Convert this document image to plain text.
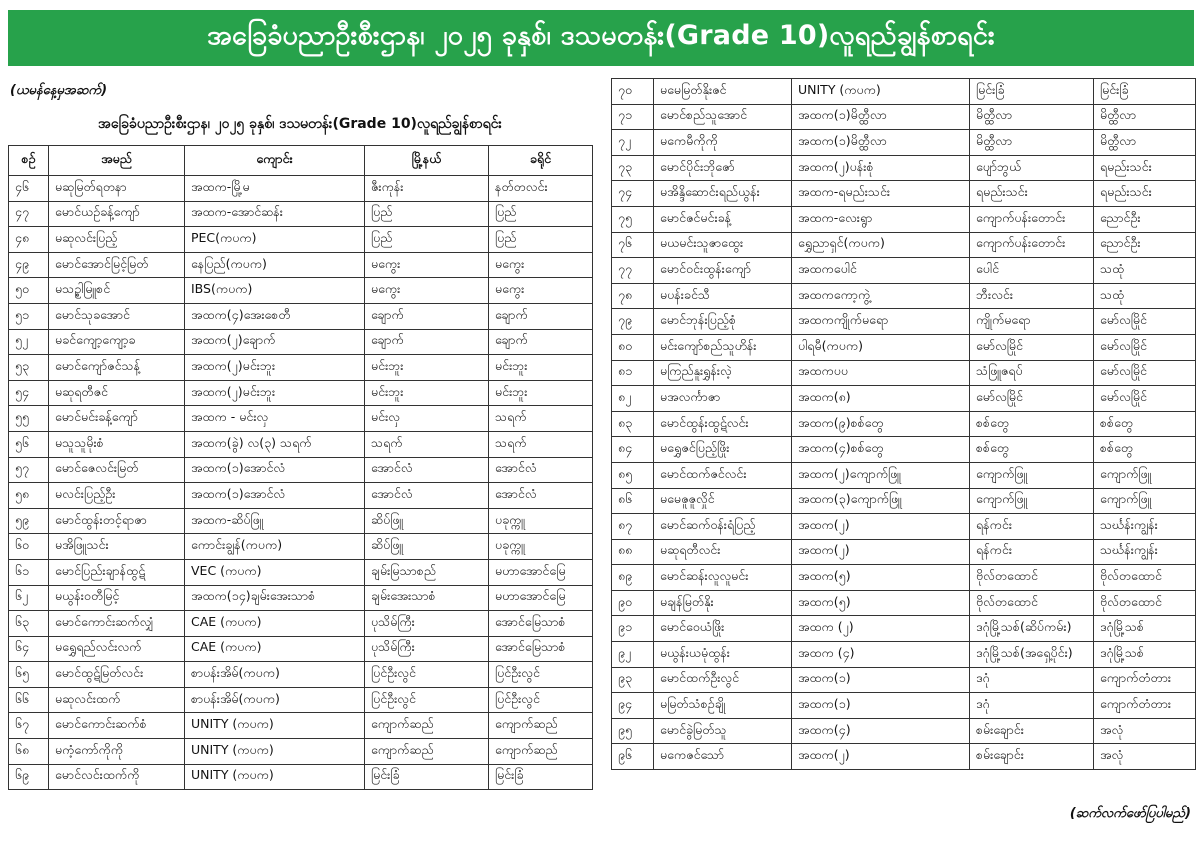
အခြေခံပညာဦးစီးဌာန၊ ၂၀၂၅ ခုနှစ်၊ ဒသမတန်း(Grade 10)လူရည်ချွန်စာရင်း
(ယမန်နေ့မှအဆက်)
အခြေခံပညာဦးစီးဌာန၊ ၂၀၂၅ ခုနှစ်၊ ဒသမတန်း(Grade 10)လူရည်ချွန်စာရင်း
စဉ်	အမည်	ကျောင်း	မြို့နယ်	ခရိုင်
၄၆	မဆုမြတ်ရတနာ	အထက-မြို့မ	ဇီးကုန်း	နတ်တလင်း
၄၇	မောင်ယဉ်ခန့်ကျော်	အထက-အောင်ဆန်း	ပြည်	ပြည်
၄၈	မဆုလင်းပြည့်	PEC(ကပက)	ပြည်	ပြည်
၄၉	မောင်အောင်မြင့်မြတ်	နေပြည်(ကပက)	မကွေး	မကွေး
၅၀	မသဥ္စါမြူစင်	IBS(ကပက)	မကွေး	မကွေး
၅၁	မောင်သုခအောင်	အထက(၄)အေးစေတီ	ချောက်	ချောက်
၅၂	မခင်ကျော့ကျော့ခ	အထက(၂)ချောက်	ချောက်	ချောက်
၅၃	မောင်ကျော်ဇင်သန့်	အထက(၂)မင်းဘူး	မင်းဘူး	မင်းဘူး
၅၄	မဆုရတီဇင်	အထက(၂)မင်းဘူး	မင်းဘူး	မင်းဘူး
၅၅	မောင်မင်းခန့်ကျော်	အထက - မင်းလှ	မင်းလှ	သရက်
၅၆	မသူသူမိုးစံ	အထက(ခွဲ) လ(၃) သရက်	သရက်	သရက်
၅၇	မောင်ဇေလင်းမြတ်	အထက(၁)အောင်လံ	အောင်လံ	အောင်လံ
၅၈	မလင်းပြည့်ဦး	အထက(၁)အောင်လံ	အောင်လံ	အောင်လံ
၅၉	မောင်ထွန်းတင့်ရာဇာ	အထက-ဆိပ်ဖြူ	ဆိပ်ဖြူ	ပခုက္ကူ
၆၀	မအိဖြူသင်း	ကောင်းချွန်(ကပက)	ဆိပ်ဖြူ	ပခုက္ကူ
၆၁	မောင်ပြည်းချာန်ထွဋ်	VEC (ကပက)	ချမ်းမြသာစည်	မဟာအောင်မြေ
၆၂	မယွန်းဝတီမြင့်	အထက(၁၄)ချမ်းအေးသာစံ	ချမ်းအေးသာစံ	မဟာအောင်မြေ
၆၃	မောင်ကောင်းဆက်လျှံ	CAE (ကပက)	ပုသိမ်ကြီး	အောင်မြေသာစံ
၆၄	မရွှေရည်လင်းလက်	CAE (ကပက)	ပုသိမ်ကြီး	အောင်မြေသာစံ
၆၅	မောင်ထွဋ်မြတ်လင်း	စာပန်းအိမ်(ကပက)	ပြင်ဦးလွင်	ပြင်ဦးလွင်
၆၆	မဆုလင်းထက်	စာပန်းအိမ်(ကပက)	ပြင်ဦးလွင်	ပြင်ဦးလွင်
၆၇	မောင်ကောင်းဆက်စံ	UNITY (ကပက)	ကျောက်ဆည်	ကျောက်ဆည်
၆၈	မကံ့ကော်ကိုကို	UNITY (ကပက)	ကျောက်ဆည်	ကျောက်ဆည်
၆၉	မောင်လင်းထက်ကို	UNITY (ကပက)	မြင်းခြံ	မြင်းခြံ
၇၀	မမေမြတ်နိုးဇင်	UNITY (ကပက)	မြင်းခြံ	မြင်းခြံ
၇၁	မောင်စည်သူအောင်	အထက(၁)မိတ္ထီလာ	မိတ္ထီလာ	မိတ္ထီလာ
၇၂	မကေမီကိုကို	အထက(၁)မိတ္ထီလာ	မိတ္ထီလာ	မိတ္ထီလာ
၇၃	မောင်ပိုင်းဘိုဇော်	အထက(၂)ပန်းစုံ	ပျော်ဘွယ်	ရမည်းသင်း
၇၄	မအိန္ဒိဆောင်းရည်ယွန်း	အထက-ရမည်းသင်း	ရမည်းသင်း	ရမည်းသင်း
၇၅	မောင်ဇင်မင်းခန့်	အထက-လေးရွာ	ကျောက်ပန်းတောင်း	ညောင်ဦး
၇၆	မယမင်းသူဇာထွေး	ရွှေညာရှင်(ကပက)	ကျောက်ပန်းတောင်း	ညောင်ဦး
၇၇	မောင်ဝင်းထွန်းကျော်	အထကပေါင်	ပေါင်	သထုံ
၇၈	မပန်းခင်သီ	အထကကော့ကွဲ့	ဘီးလင်း	သထုံ
၇၉	မောင်ဘုန်းပြည့်စုံ	အထကကျိုက်မရော	ကျိုက်မရော	မော်လမြိုင်
၈၀	မင်းကျော်စည်သူဟိန်း	ပါရမီ(ကပက)	မော်လမြိုင်	မော်လမြိုင်
၈၁	မကြည်နူးရွှန်းလဲ့	အထကပပ	သံဖြူဇရပ်	မော်လမြိုင်
၈၂	မအလင်္ကာဇာ	အထက(၈)	မော်လမြိုင်	မော်လမြိုင်
၈၃	မောင်ထွန်းထွဋ်လင်း	အထက(၉)စစ်တွေ	စစ်တွေ	စစ်တွေ
၈၄	မရွှေဇင်ပြည့်ဖြိုး	အထက(၄)စစ်တွေ	စစ်တွေ	စစ်တွေ
၈၅	မောင်ထက်ဇင်လင်း	အထက(၂)ကျောက်ဖြူ	ကျောက်ဖြူ	ကျောက်ဖြူ
၈၆	မမေဇူဇူလှိုင်	အထက(၃)ကျောက်ဖြူ	ကျောက်ဖြူ	ကျောက်ဖြူ
၈၇	မောင်ဆက်ဝန်းရံပြည့်	အထက(၂)	ရန်ကင်း	သင်္ဃန်းကျွန်း
၈၈	မဆုရတီလင်း	အထက(၂)	ရန်ကင်း	သင်္ဃန်းကျွန်း
၈၉	မောင်ဆန်းလူလူမင်း	အထက(၅)	ဗိုလ်တထောင်	ဗိုလ်တထောင်
၉၀	မချန်မြတ်နိုး	အထက(၅)	ဗိုလ်တထောင်	ဗိုလ်တထောင်
၉၁	မောင်ဝေယံဖြိုး	အထက (၂)	ဒဂုံမြို့သစ်(ဆိပ်ကမ်း)	ဒဂုံမြို့သစ်
၉၂	မယွန်းယမုံထွန်း	အထက (၄)	ဒဂုံမြို့သစ်(အရှေ့ပိုင်း)	ဒဂုံမြို့သစ်
၉၃	မောင်ထက်ဦးလွင်	အထက(၁)	ဒဂုံ	ကျောက်တံတား
၉၄	မမြတ်သံစဉ်ချို	အထက(၁)	ဒဂုံ	ကျောက်တံတား
၉၅	မောင်ခွဲမြတ်သူ	အထက(၄)	စမ်းချောင်း	အလုံ
၉၆	မကေဇင်သော်	အထက(၂)	စမ်းချောင်း	အလုံ
(ဆက်လက်ဖော်ပြပါမည်)
